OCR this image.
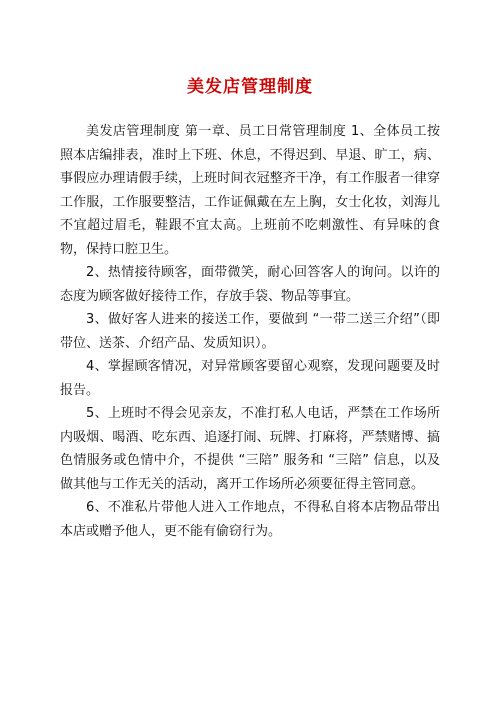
美发店管理制度

美发店管理制度 第一章、员工日常管理制度 1、全体员工按照本店编排表，准时上下班、休息，不得迟到、早退、旷工，病、事假应办理请假手续，上班时间衣冠整齐干净，有工作服者一律穿工作服，工作服要整洁，工作证佩戴在左上胸，女士化妆，刘海儿不宜超过眉毛，鞋跟不宜太高。上班前不吃刺激性、有异味的食物，保持口腔卫生。

2、热情接待顾客，面带微笑，耐心回答客人的询问。以许的态度为顾客做好接待工作，存放手袋、物品等事宜。

3、做好客人进来的接送工作，要做到 “一带二送三介绍”（即带位、送茶、介绍产品、发质知识）。

4、掌握顾客情况，对异常顾客要留心观察，发现问题要及时报告。

5、上班时不得会见亲友，不准打私人电话，严禁在工作场所内吸烟、喝酒、吃东西、追逐打闹、玩牌、打麻将，严禁赌博、搞色情服务或色情中介，不提供 “三陪” 服务和 “三陪” 信息，以及做其他与工作无关的活动，离开工作场所必须要征得主管同意。

6、不准私片带他人进入工作地点，不得私自将本店物品带出本店或赠予他人，更不能有偷窃行为。
